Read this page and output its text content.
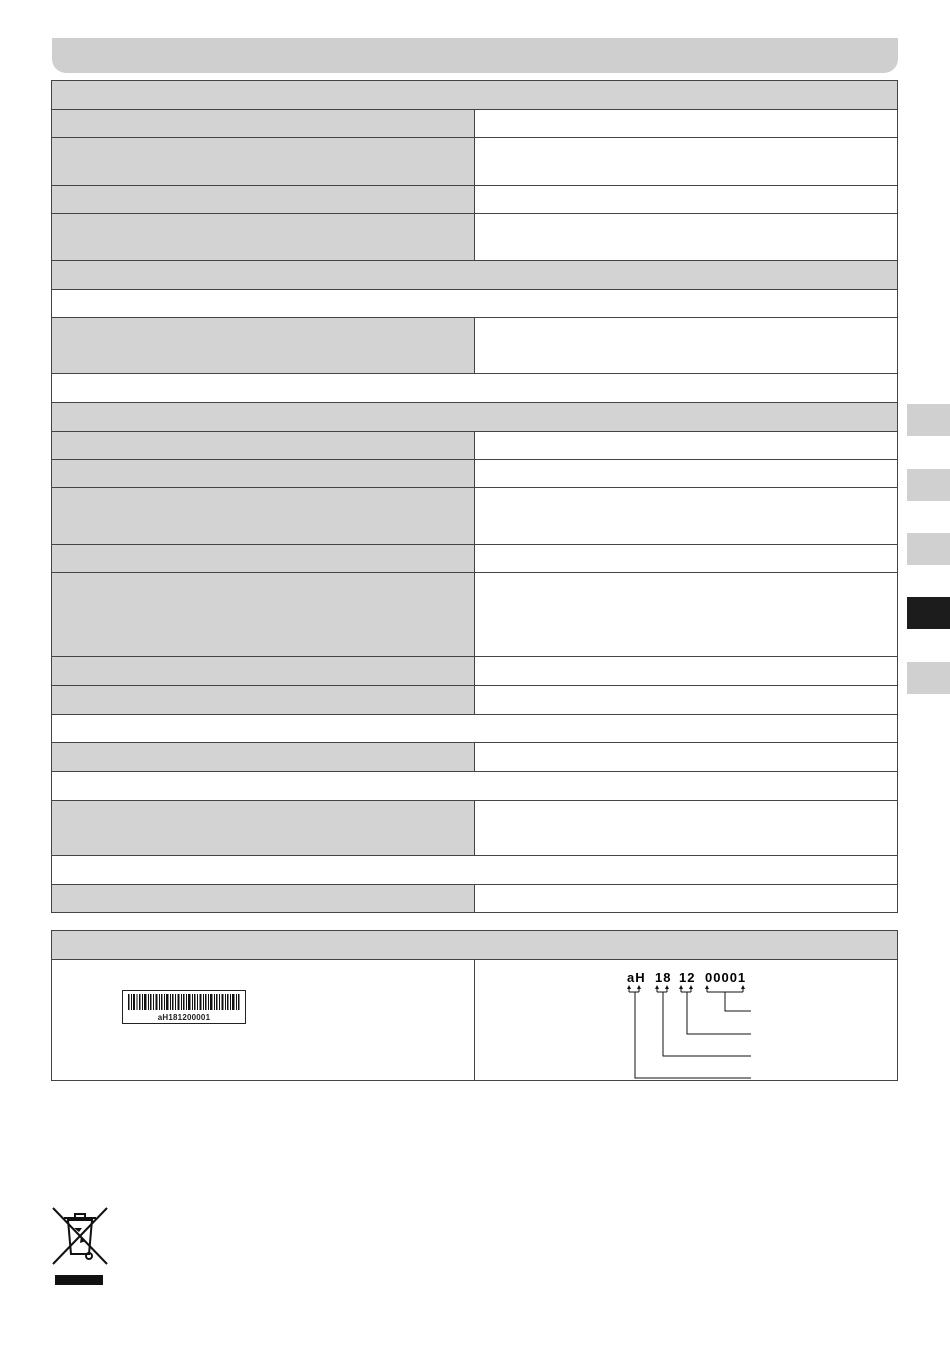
aH181200001

aH 18 12 00001
